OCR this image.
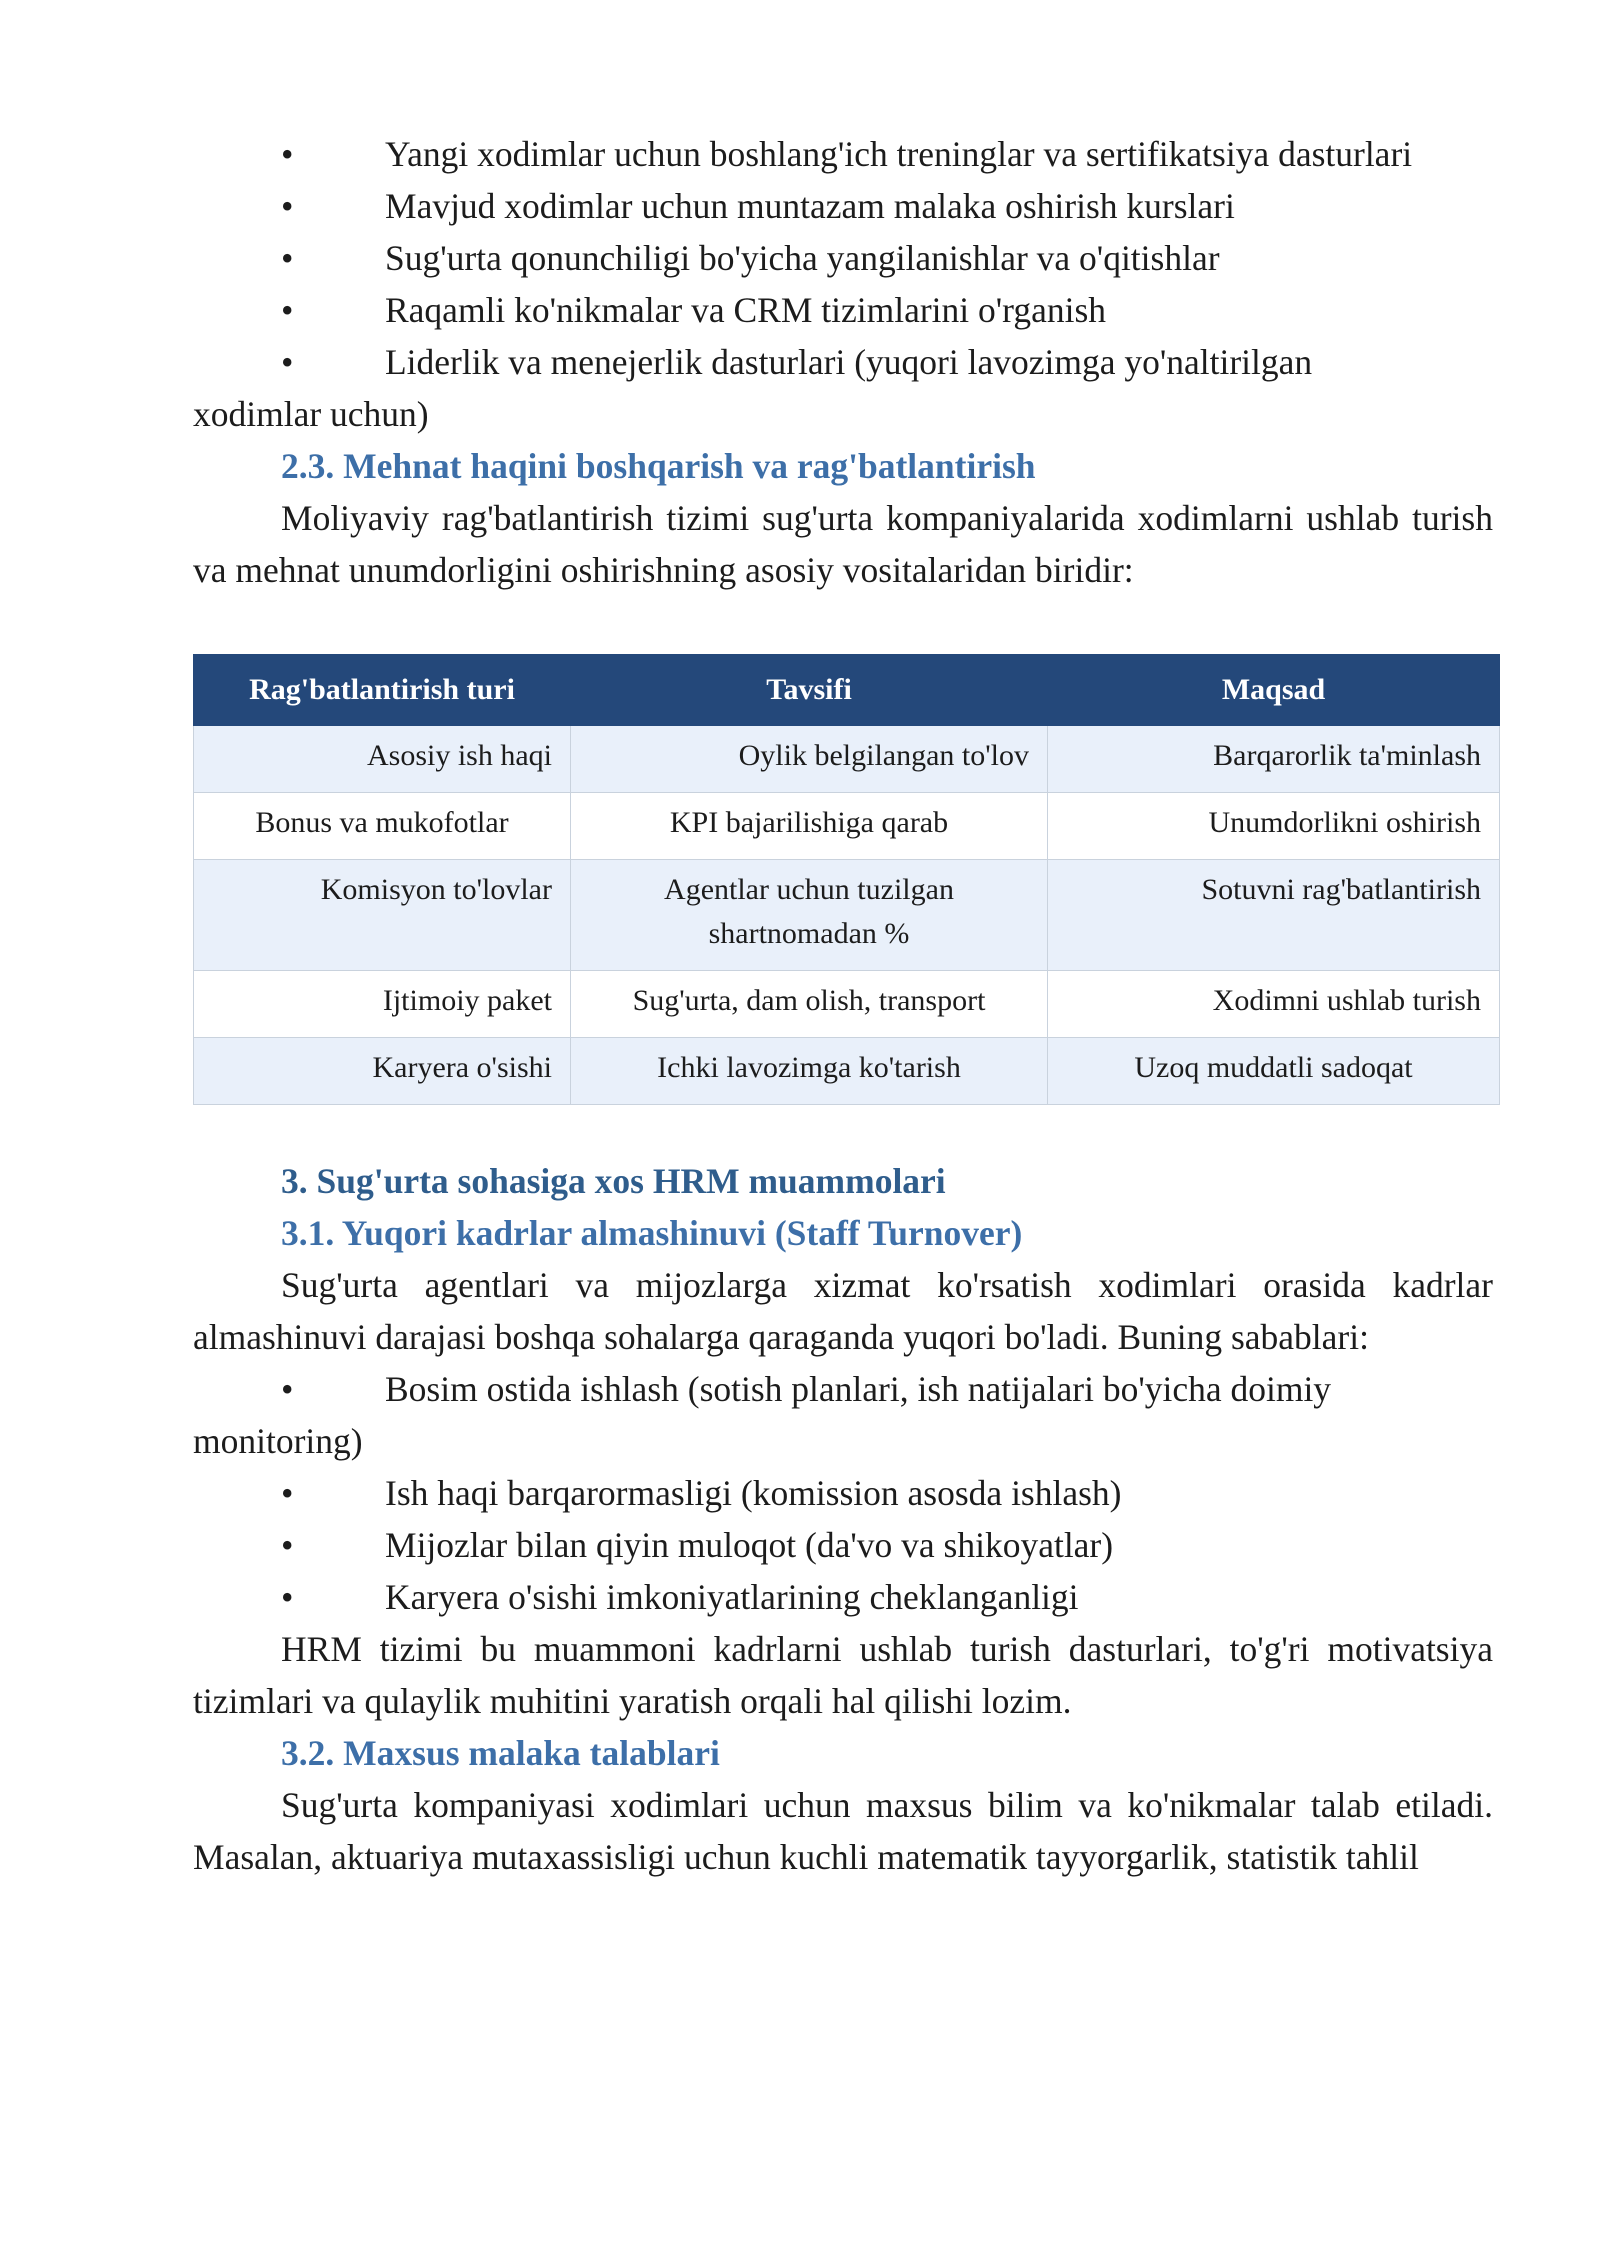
•	Yangi xodimlar uchun boshlang'ich treninglar va sertifikatsiya dasturlari
•	Mavjud xodimlar uchun muntazam malaka oshirish kurslari
•	Sug'urta qonunchiligi bo'yicha yangilanishlar va o'qitishlar
•	Raqamli ko'nikmalar va CRM tizimlarini o'rganish
•	Liderlik va menejerlik dasturlari (yuqori lavozimga yo'naltirilgan
xodimlar uchun)
2.3. Mehnat haqini boshqarish va rag'batlantirish
Moliyaviy rag'batlantirish tizimi sug'urta kompaniyalarida xodimlarni ushlab turish va mehnat unumdorligini oshirishning asosiy vositalaridan biridir:
Rag'batlantirish turi	Tavsifi	Maqsad
Asosiy ish haqi	Oylik belgilangan to'lov	Barqarorlik ta'minlash
Bonus va mukofotlar	KPI bajarilishiga qarab	Unumdorlikni oshirish
Komisyon to'lovlar	Agentlar uchun tuzilgan shartnomadan %	Sotuvni rag'batlantirish
Ijtimoiy paket	Sug'urta, dam olish, transport	Xodimni ushlab turish
Karyera o'sishi	Ichki lavozimga ko'tarish	Uzoq muddatli sadoqat
3. Sug'urta sohasiga xos HRM muammolari
3.1. Yuqori kadrlar almashinuvi (Staff Turnover)
Sug'urta agentlari va mijozlarga xizmat ko'rsatish xodimlari orasida kadrlar almashinuvi darajasi boshqa sohalarga qaraganda yuqori bo'ladi. Buning sabablari:
•	Bosim ostida ishlash (sotish planlari, ish natijalari bo'yicha doimiy
monitoring)
•	Ish haqi barqarormasligi (komission asosda ishlash)
•	Mijozlar bilan qiyin muloqot (da'vo va shikoyatlar)
•	Karyera o'sishi imkoniyatlarining cheklanganligi
HRM tizimi bu muammoni kadrlarni ushlab turish dasturlari, to'g'ri motivatsiya tizimlari va qulaylik muhitini yaratish orqali hal qilishi lozim.
3.2. Maxsus malaka talablari
Sug'urta kompaniyasi xodimlari uchun maxsus bilim va ko'nikmalar talab etiladi. Masalan, aktuariya mutaxassisligi uchun kuchli matematik tayyorgarlik, statistik tahlil
